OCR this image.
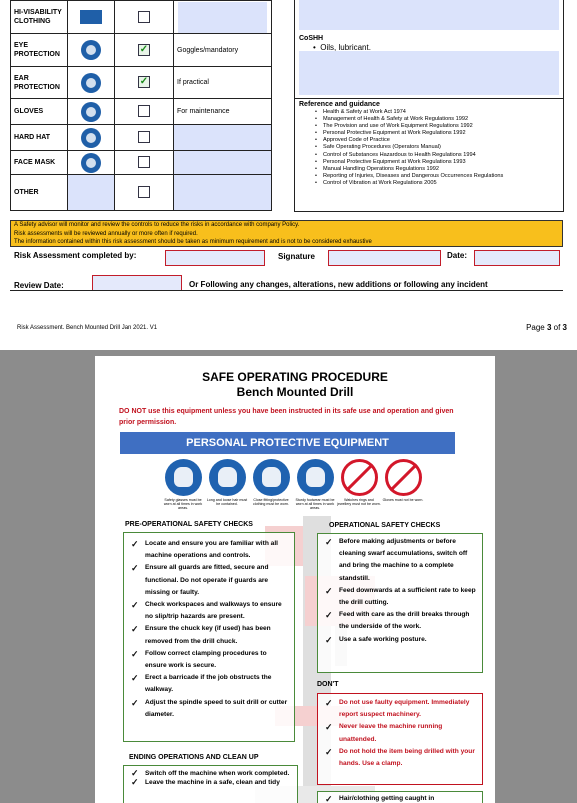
HI-VISABILITY CLOTHING			

EYE PROTECTION		✓	Goggles/mandatory
EAR PROTECTION		✓	If practical
GLOVES			For maintenance
HARD HAT			
FACE MASK			
OTHER			
CoSHH
•  Oils, lubricant.
Reference and guidance
• Health & Safety at Work Act 1974
• Management of Health & Safety at Work Regulations 1992
• The Provision and use of Work Equipment Regulations 1992
• Personal Protective Equipment at Work Regulations 1992
• Approved Code of Practice
• Safe Operating Procedures (Operators Manual)
• Control of Substances Hazardous to Health Regulations 1994
• Personal Protective Equipment at Work Regulations 1993
• Manual Handling Operations Regulations 1992
• Reporting of Injuries, Diseases and Dangerous Occurrences Regulations
• Control of Vibration at Work Regulations 2005
A Safety advisor will monitor and review the controls to reduce the risks in accordance with company Policy.
Risk assessments will be reviewed annually or more often if required.
The information contained within this risk assessment should be taken as minimum requirement and is not to be considered exhaustive
Risk Assessment completed by:	Signature	Date:
Review Date:	Or Following any changes, alterations, new additions or following any incident
Risk Assessment. Bench Mounted Drill Jan 2021. V1	Page 3 of 3
SAFE OPERATING PROCEDURE
Bench Mounted Drill
DO NOT use this equipment unless you have been instructed in its safe use and operation and given prior permission.
PERSONAL PROTECTIVE EQUIPMENT
Safety glasses must be worn at all times in work areas.
Long and loose hair must be contained.
Close fitting/protective clothing must be worn.
Sturdy footwear must be worn at all times in work areas.
Watches rings and jewellery must not be worn.
Gloves must not be worn.
PRE-OPERATIONAL SAFETY CHECKS
✓ Locate and ensure you are familiar with all machine operations and controls.
✓ Ensure all guards are fitted, secure and functional. Do not operate if guards are missing or faulty.
✓ Check workspaces and walkways to ensure no slip/trip hazards are present.
✓ Ensure the chuck key (if used) has been removed from the drill chuck.
✓ Follow correct clamping procedures to ensure work is secure.
✓ Erect a barricade if the job obstructs the walkway.
✓ Adjust the spindle speed to suit drill or cutter diameter.
OPERATIONAL SAFETY CHECKS
✓ Before making adjustments or before cleaning swarf accumulations, switch off and bring the machine to a complete standstill.
✓ Feed downwards at a sufficient rate to keep the drill cutting.
✓ Feed with care as the drill breaks through the underside of the work.
✓ Use a safe working posture.
DON'T
✓ Do not use faulty equipment. Immediately report suspect machinery.
✓ Never leave the machine running unattended.
✓ Do not hold the item being drilled with your hands. Use a clamp.
ENDING OPERATIONS AND CLEAN UP
✓ Switch off the machine when work completed.
✓ Leave the machine in a safe, clean and tidy
✓ Hair/clothing getting caught in
